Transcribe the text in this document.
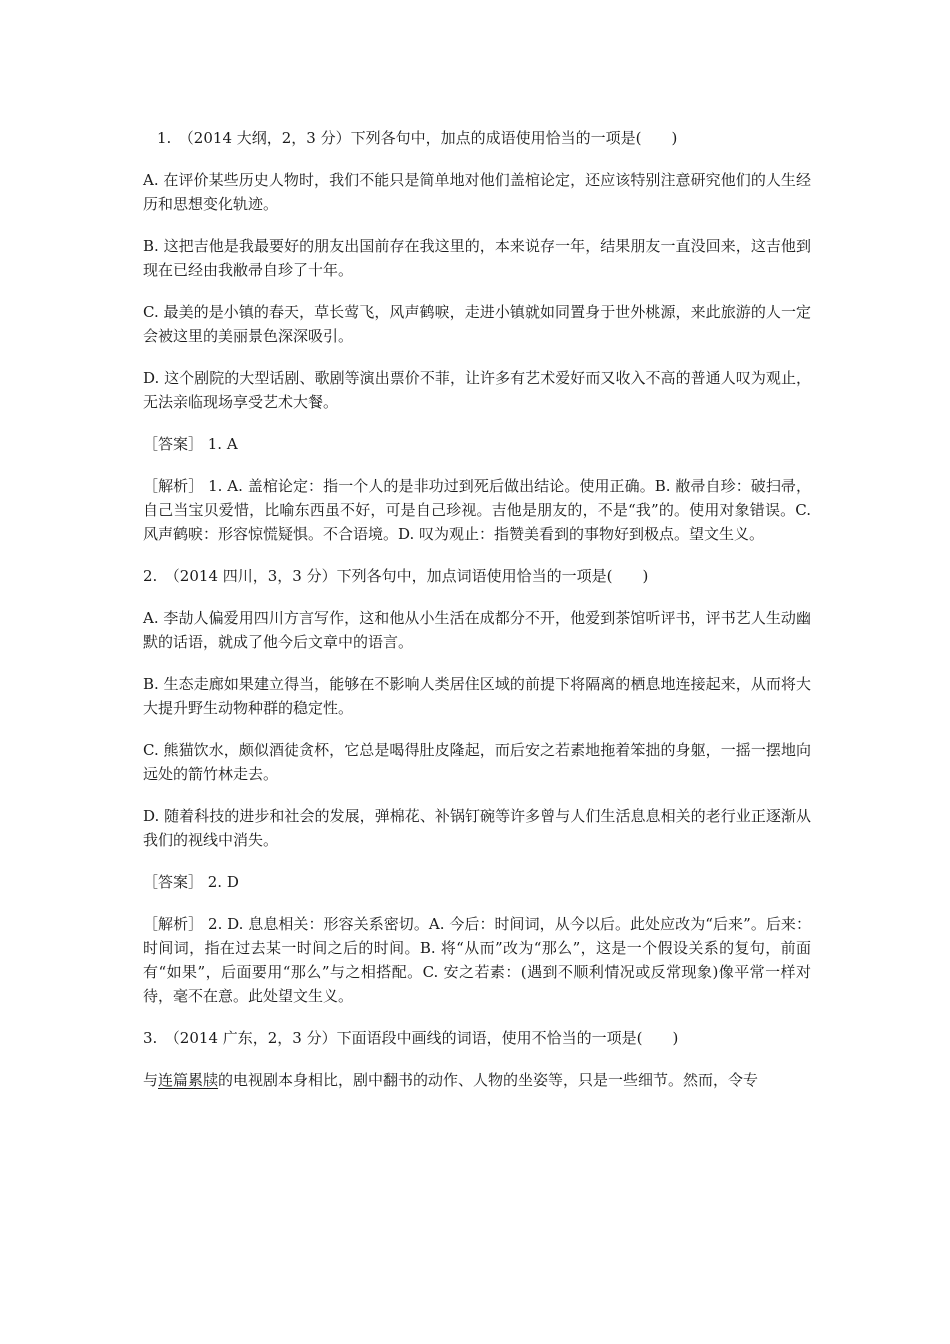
1.　（2014 大纲，2，3 分）下列各句中，加点的成语使用恰当的一项是(　　)

A. 在评价某些历史人物时，我们不能只是简单地对他们盖棺论定，还应该特别注意研究他们的人生经历和思想变化轨迹。

B. 这把吉他是我最要好的朋友出国前存在我这里的，本来说存一年，结果朋友一直没回来，这吉他到现在已经由我敝帚自珍了十年。

C. 最美的是小镇的春天，草长莺飞，风声鹤唳，走进小镇就如同置身于世外桃源，来此旅游的人一定会被这里的美丽景色深深吸引。

D. 这个剧院的大型话剧、歌剧等演出票价不菲，让许多有艺术爱好而又收入不高的普通人叹为观止，无法亲临现场享受艺术大餐。

［答案］ 1. A

［解析］ 1. A. 盖棺论定：指一个人的是非功过到死后做出结论。使用正确。B. 敝帚自珍：破扫帚，自己当宝贝爱惜，比喻东西虽不好，可是自己珍视。吉他是朋友的，不是“我”的。使用对象错误。C. 风声鹤唳：形容惊慌疑惧。不合语境。D. 叹为观止：指赞美看到的事物好到极点。望文生义。

2.　（2014 四川，3，3 分）下列各句中，加点词语使用恰当的一项是(　　)

A. 李劼人偏爱用四川方言写作，这和他从小生活在成都分不开，他爱到茶馆听评书，评书艺人生动幽默的话语，就成了他今后文章中的语言。

B. 生态走廊如果建立得当，能够在不影响人类居住区域的前提下将隔离的栖息地连接起来，从而将大大提升野生动物种群的稳定性。

C. 熊猫饮水，颇似酒徒贪杯，它总是喝得肚皮隆起，而后安之若素地拖着笨拙的身躯，一摇一摆地向远处的箭竹林走去。

D. 随着科技的进步和社会的发展，弹棉花、补锅钉碗等许多曾与人们生活息息相关的老行业正逐渐从我们的视线中消失。

［答案］ 2. D

［解析］ 2. D. 息息相关：形容关系密切。A. 今后：时间词，从今以后。此处应改为“后来”。后来：时间词，指在过去某一时间之后的时间。B. 将“从而”改为“那么”，这是一个假设关系的复句，前面有“如果”，后面要用“那么”与之相搭配。C. 安之若素：(遇到不顺利情况或反常现象)像平常一样对待，毫不在意。此处望文生义。

3.　（2014 广东，2，3 分）下面语段中画线的词语，使用不恰当的一项是(　　)

与连篇累牍的电视剧本身相比，剧中翻书的动作、人物的坐姿等，只是一些细节。然而，令专
